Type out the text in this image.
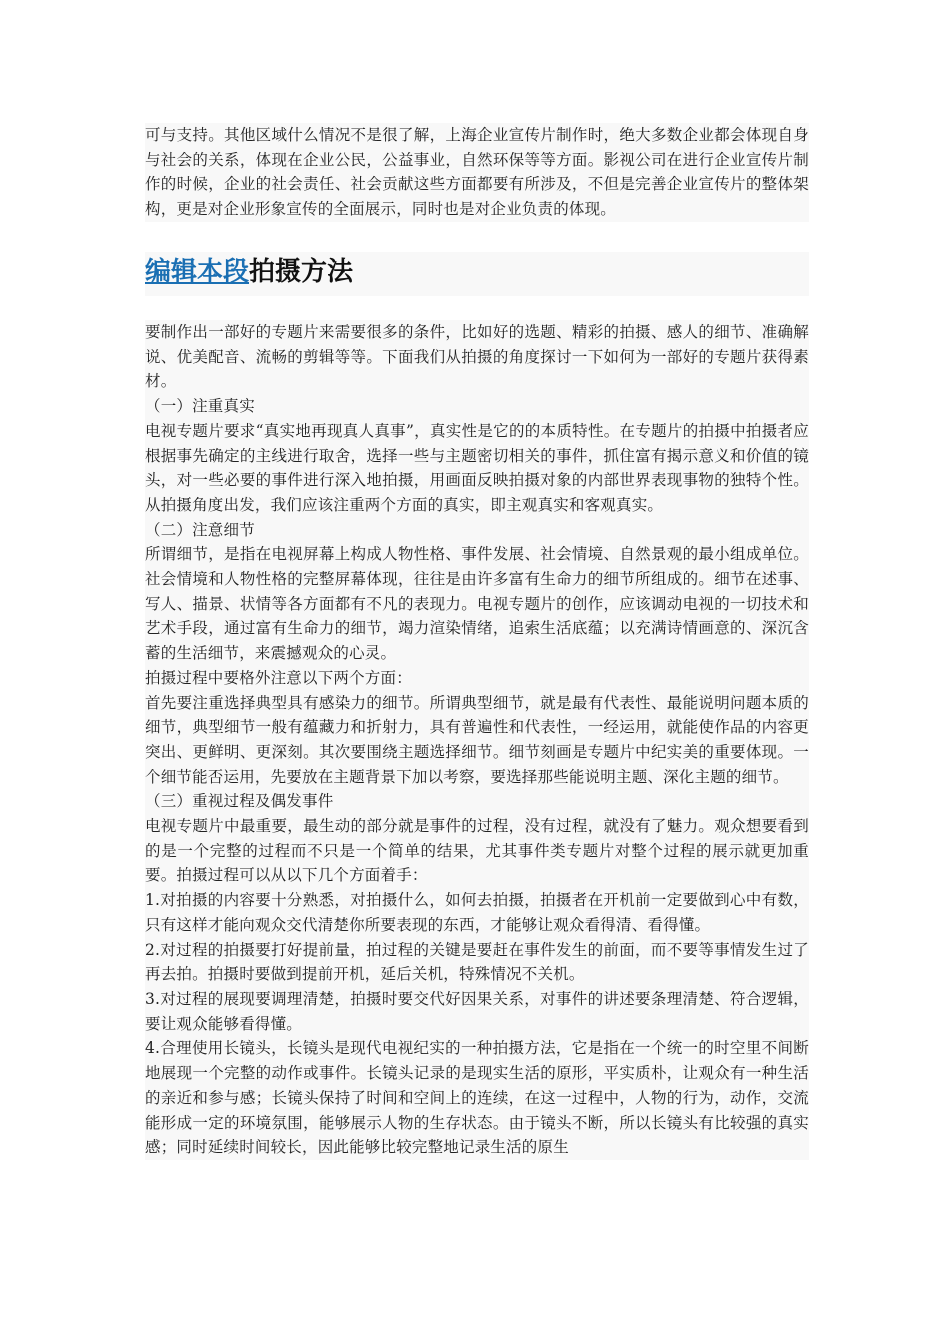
可与支持。其他区域什么情况不是很了解，上海企业宣传片制作时，绝大多数企业都会体现自身与社会的关系，体现在企业公民，公益事业，自然环保等等方面。影视公司在进行企业宣传片制作的时候，企业的社会责任、社会贡献这些方面都要有所涉及，不但是完善企业宣传片的整体架构，更是对企业形象宣传的全面展示，同时也是对企业负责的体现。

编辑本段拍摄方法

要制作出一部好的专题片来需要很多的条件，比如好的选题、精彩的拍摄、感人的细节、准确解说、优美配音、流畅的剪辑等等。下面我们从拍摄的角度探讨一下如何为一部好的专题片获得素材。

（一）注重真实

电视专题片要求“真实地再现真人真事”，真实性是它的的本质特性。在专题片的拍摄中拍摄者应根据事先确定的主线进行取舍，选择一些与主题密切相关的事件，抓住富有揭示意义和价值的镜头，对一些必要的事件进行深入地拍摄，用画面反映拍摄对象的内部世界表现事物的独特个性。从拍摄角度出发，我们应该注重两个方面的真实，即主观真实和客观真实。

（二）注意细节

所谓细节，是指在电视屏幕上构成人物性格、事件发展、社会情境、自然景观的最小组成单位。社会情境和人物性格的完整屏幕体现，往往是由许多富有生命力的细节所组成的。细节在述事、写人、描景、状情等各方面都有不凡的表现力。电视专题片的创作，应该调动电视的一切技术和艺术手段，通过富有生命力的细节，竭力渲染情绪，追索生活底蕴；以充满诗情画意的、深沉含蓄的生活细节，来震撼观众的心灵。

拍摄过程中要格外注意以下两个方面：

首先要注重选择典型具有感染力的细节。所谓典型细节，就是最有代表性、最能说明问题本质的细节，典型细节一般有蕴藏力和折射力，具有普遍性和代表性，一经运用，就能使作品的内容更突出、更鲜明、更深刻。其次要围绕主题选择细节。细节刻画是专题片中纪实美的重要体现。一个细节能否运用，先要放在主题背景下加以考察，要选择那些能说明主题、深化主题的细节。

（三）重视过程及偶发事件

电视专题片中最重要，最生动的部分就是事件的过程，没有过程，就没有了魅力。观众想要看到的是一个完整的过程而不只是一个简单的结果，尤其事件类专题片对整个过程的展示就更加重要。拍摄过程可以从以下几个方面着手：

1.对拍摄的内容要十分熟悉，对拍摄什么，如何去拍摄，拍摄者在开机前一定要做到心中有数，只有这样才能向观众交代清楚你所要表现的东西，才能够让观众看得清、看得懂。

2.对过程的拍摄要打好提前量，拍过程的关键是要赶在事件发生的前面，而不要等事情发生过了再去拍。拍摄时要做到提前开机，延后关机，特殊情况不关机。

3.对过程的展现要调理清楚，拍摄时要交代好因果关系，对事件的讲述要条理清楚、符合逻辑，要让观众能够看得懂。

4.合理使用长镜头，长镜头是现代电视纪实的一种拍摄方法，它是指在一个统一的时空里不间断地展现一个完整的动作或事件。长镜头记录的是现实生活的原形，平实质朴，让观众有一种生活的亲近和参与感；长镜头保持了时间和空间上的连续，在这一过程中，人物的行为，动作，交流能形成一定的环境氛围，能够展示人物的生存状态。由于镜头不断，所以长镜头有比较强的真实感；同时延续时间较长，因此能够比较完整地记录生活的原生
